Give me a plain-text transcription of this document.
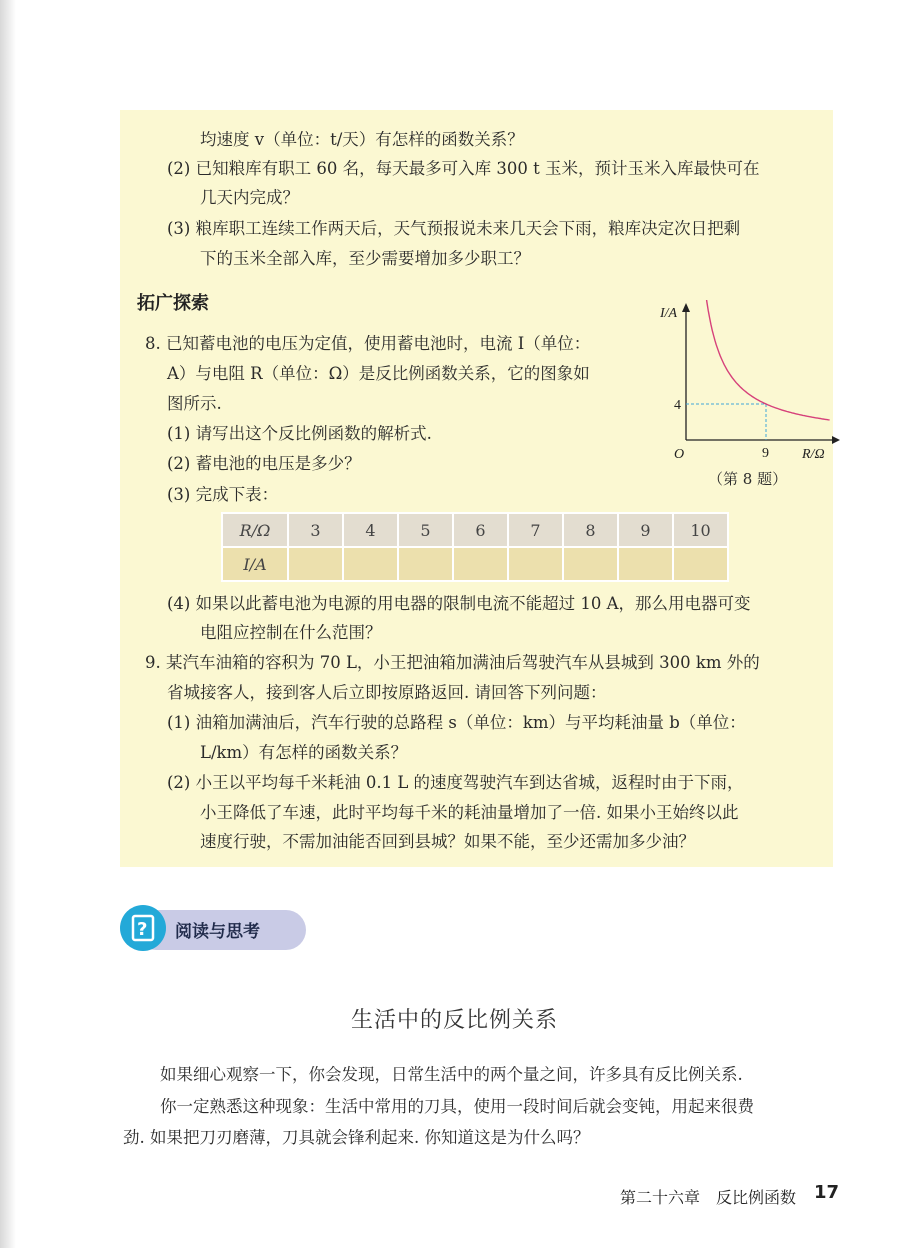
均速度 v（单位：t/天）有怎样的函数关系？
(2) 已知粮库有职工 60 名，每天最多可入库 300 t 玉米，预计玉米入库最快可在
几天内完成？
(3) 粮库职工连续工作两天后，天气预报说未来几天会下雨，粮库决定次日把剩
下的玉米全部入库，至少需要增加多少职工？
拓广探索
8. 已知蓄电池的电压为定值，使用蓄电池时，电流 I（单位：
A）与电阻 R（单位：Ω）是反比例函数关系，它的图象如
图所示.
(1) 请写出这个反比例函数的解析式.
(2) 蓄电池的电压是多少？
(3) 完成下表：
I/A
R/Ω
O
4
9
（第 8 题）
R/Ω	3	4	5	6	7	8	9	10
I/A								
(4) 如果以此蓄电池为电源的用电器的限制电流不能超过 10 A，那么用电器可变
电阻应控制在什么范围？
9. 某汽车油箱的容积为 70 L，小王把油箱加满油后驾驶汽车从县城到 300 km 外的
省城接客人，接到客人后立即按原路返回. 请回答下列问题：
(1) 油箱加满油后，汽车行驶的总路程 s（单位：km）与平均耗油量 b（单位：
L/km）有怎样的函数关系？
(2) 小王以平均每千米耗油 0.1 L 的速度驾驶汽车到达省城，返程时由于下雨，
小王降低了车速，此时平均每千米的耗油量增加了一倍. 如果小王始终以此
速度行驶，不需加油能否回到县城？如果不能，至少还需加多少油？
? 阅读与思考
生活中的反比例关系
如果细心观察一下，你会发现，日常生活中的两个量之间，许多具有反比例关系.
你一定熟悉这种现象：生活中常用的刀具，使用一段时间后就会变钝，用起来很费
劲. 如果把刀刃磨薄，刀具就会锋利起来. 你知道这是为什么吗？
第二十六章　反比例函数 17
